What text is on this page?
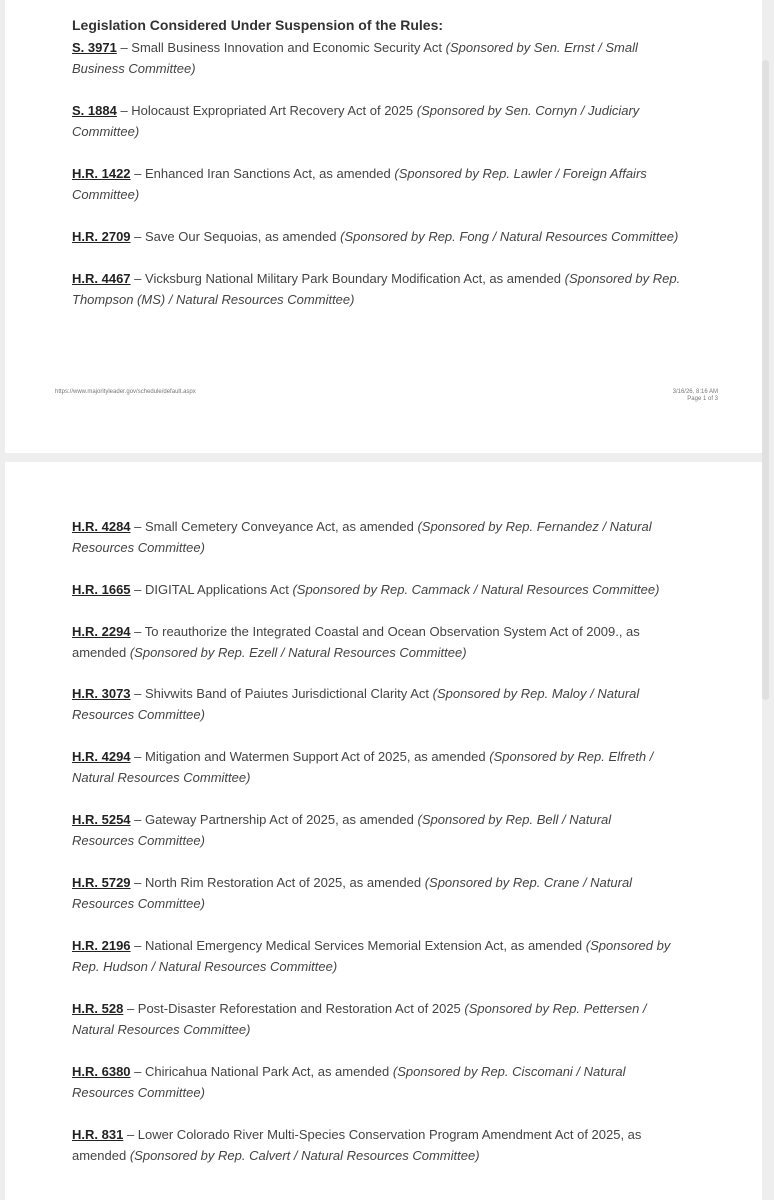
Legislation Considered Under Suspension of the Rules:
S. 3971 – Small Business Innovation and Economic Security Act (Sponsored by Sen. Ernst / Small Business Committee)
S. 1884 – Holocaust Expropriated Art Recovery Act of 2025 (Sponsored by Sen. Cornyn / Judiciary Committee)
H.R. 1422 – Enhanced Iran Sanctions Act, as amended (Sponsored by Rep. Lawler / Foreign Affairs Committee)
H.R. 2709 – Save Our Sequoias, as amended (Sponsored by Rep. Fong / Natural Resources Committee)
H.R. 4467 – Vicksburg National Military Park Boundary Modification Act, as amended (Sponsored by Rep. Thompson (MS) / Natural Resources Committee)
https://www.majorityleader.gov/schedule/default.aspx	3/16/26, 8:16 AM
Page 1 of 3
H.R. 4284 – Small Cemetery Conveyance Act, as amended (Sponsored by Rep. Fernandez / Natural Resources Committee)
H.R. 1665 – DIGITAL Applications Act (Sponsored by Rep. Cammack / Natural Resources Committee)
H.R. 2294 – To reauthorize the Integrated Coastal and Ocean Observation System Act of 2009., as amended (Sponsored by Rep. Ezell / Natural Resources Committee)
H.R. 3073 – Shivwits Band of Paiutes Jurisdictional Clarity Act (Sponsored by Rep. Maloy / Natural Resources Committee)
H.R. 4294 – Mitigation and Watermen Support Act of 2025, as amended (Sponsored by Rep. Elfreth / Natural Resources Committee)
H.R. 5254 – Gateway Partnership Act of 2025, as amended (Sponsored by Rep. Bell / Natural Resources Committee)
H.R. 5729 – North Rim Restoration Act of 2025, as amended (Sponsored by Rep. Crane / Natural Resources Committee)
H.R. 2196 – National Emergency Medical Services Memorial Extension Act, as amended (Sponsored by Rep. Hudson / Natural Resources Committee)
H.R. 528 – Post-Disaster Reforestation and Restoration Act of 2025 (Sponsored by Rep. Pettersen / Natural Resources Committee)
H.R. 6380 – Chiricahua National Park Act, as amended (Sponsored by Rep. Ciscomani / Natural Resources Committee)
H.R. 831 – Lower Colorado River Multi-Species Conservation Program Amendment Act of 2025, as amended (Sponsored by Rep. Calvert / Natural Resources Committee)
